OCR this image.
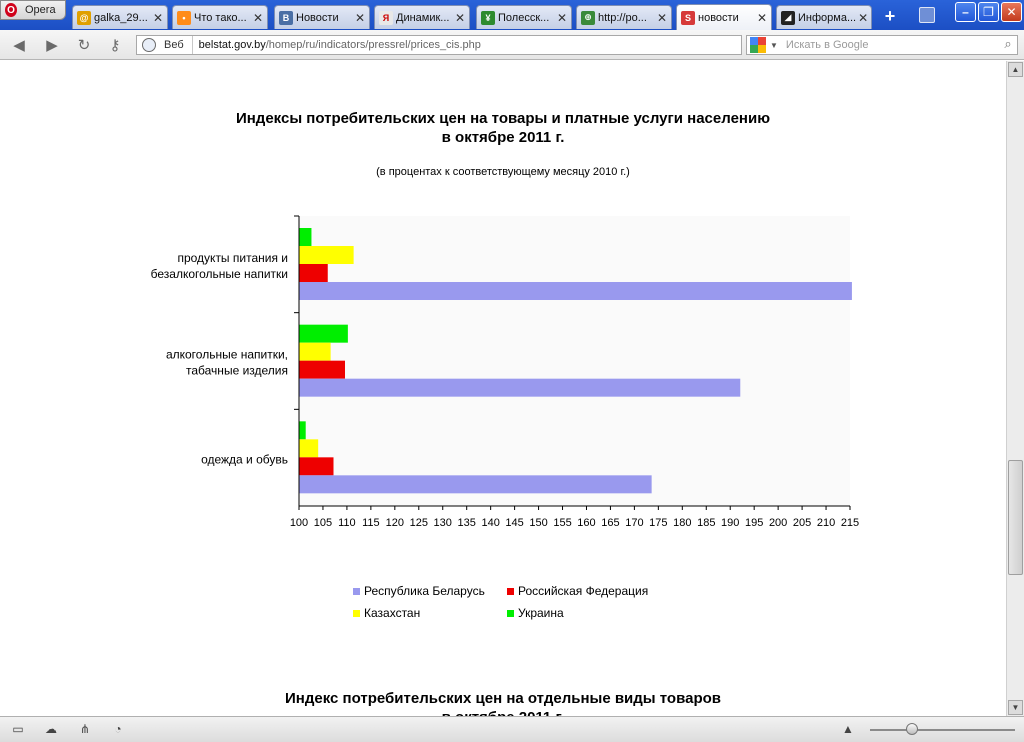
O Opera
@ galka_29... ✕	• Что тако... ✕	B Новости	✕	Я Динамик... ✕	¥ Полесск... ✕	⊕ http://po... ✕	S новости	✕	◢ Информа... ✕ +	–	❐	✕
◀ ▶ ↻ ⚷	Веб	belstat.gov.by /homep/ru/indicators/pressrel/prices_cis.php	▼ Искать в Google	⌕
Индексы потребительских цен на товары и платные услуги населению
в октябре 2011 г.
(в процентах к соответствующему месяцу 2010 г.)
продукты питания и
безалкогольные напитки
алкогольные напитки,
табачные изделия
одежда и обувь
100 105 110 115 120 125 130 135 140 145 150 155 160 165 170 175 180 185 190 195 200 205 210 215
Республика Беларусь	Российская Федерация
Казахстан	Украина
Индекс потребительских цен на отдельные виды товаров
▲
▼
▭ ☁ ⋔	◔	▲
